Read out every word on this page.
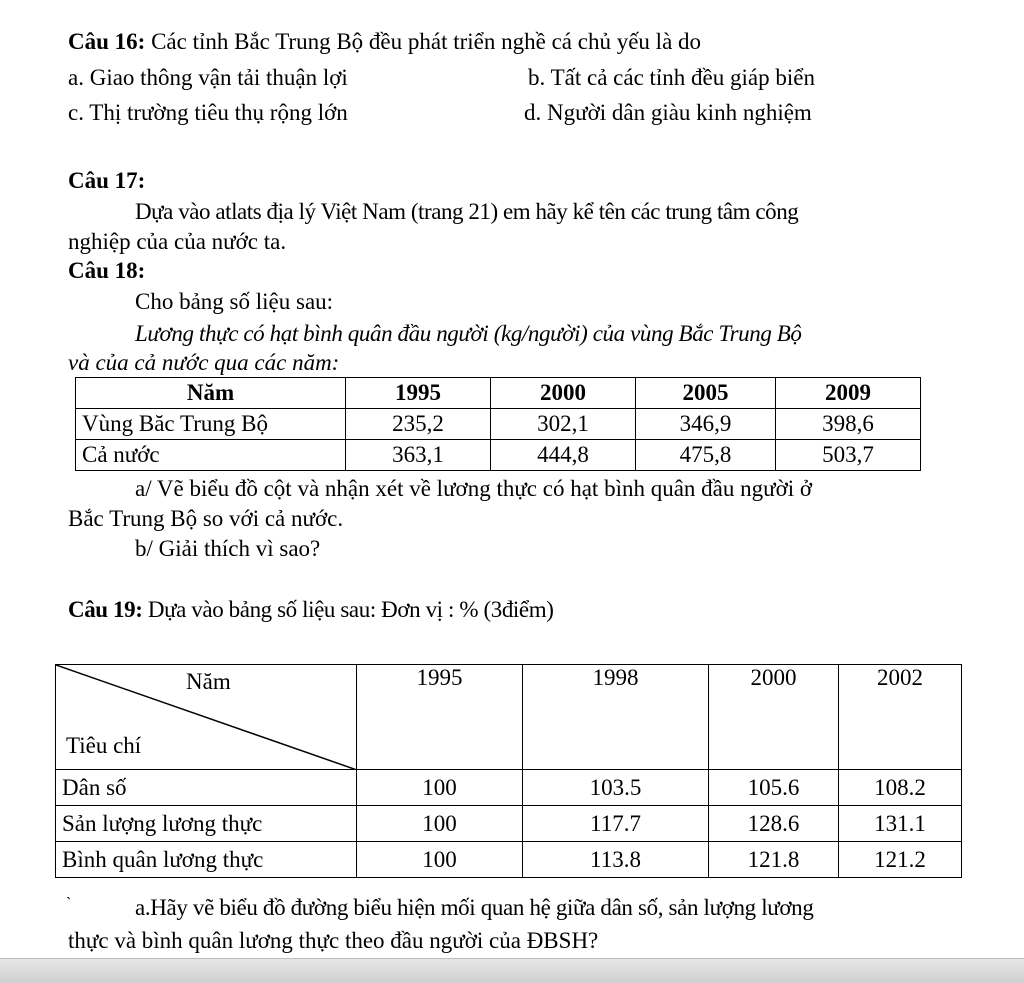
Câu 16: Các tỉnh Bắc Trung Bộ đều phát triển nghề cá chủ yếu là do
a. Giao thông vận tải thuận lợi	b. Tất cả các tỉnh đều giáp biển
c. Thị trường tiêu thụ rộng lớn	d. Người dân giàu kinh nghiệm
Câu 17:
Dựa vào atlats địa lý Việt Nam (trang 21) em hãy kể tên các trung tâm công
nghiệp của của nước ta.
Câu 18:
Cho bảng số liệu sau:
Lương thực có hạt bình quân đầu người (kg/người) của vùng Bắc Trung Bộ
và của cả nước qua các năm:
Năm	1995	2000	2005	2009
Vùng Băc Trung Bộ	235,2	302,1	346,9	398,6
Cả nước	363,1	444,8	475,8	503,7
a/ Vẽ biểu đồ cột và nhận xét về lương thực có hạt bình quân đầu người ở
Bắc Trung Bộ so với cả nước.
b/ Giải thích vì sao?
Câu 19: Dựa vào bảng số liệu sau: Đơn vị : % (3điểm)
Năm
Tiêu chí	1995	1998	2000	2002
Dân số	100	103.5	105.6	108.2
Sản lượng lương thực	100	117.7	128.6	131.1
Bình quân lương thực	100	113.8	121.8	121.2
`	a.Hãy vẽ biểu đồ đường biểu hiện mối quan hệ giữa dân số, sản lượng lương
thực và bình quân lương thực theo đầu người của ĐBSH?
